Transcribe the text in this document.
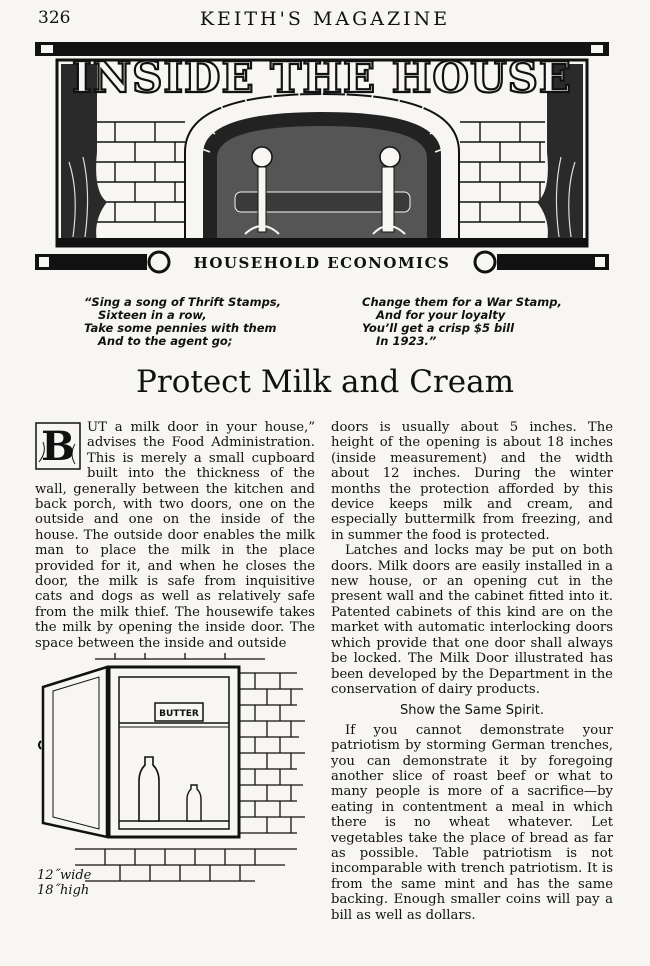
326	KEITH'S MAGAZINE
INSIDE THE HOUSE
HOUSEHOLD ECONOMICS
“Sing a song of Thrift Stamps,
Sixteen in a row,
Take some pennies with them
And to the agent go;
Change them for a War Stamp,
And for your loyalty
You’ll get a crisp $5 bill
In 1923.”
Protect Milk and Cream
B UT a milk door in your house,” advises the Food Administration. This is merely a small cupboard built into the thickness of the wall, generally between the kitchen and back porch, with two doors, one on the outside and one on the inside of the house. The outside door enables the milk man to place the milk in the place provided for it, and when he closes the door, the milk is safe from inquisitive cats and dogs as well as relatively safe from the milk thief. The housewife takes the milk by opening the inside door. The space between the inside and outside

doors is usually about 5 inches. The height of the opening is about 18 inches (inside measurement) and the width about 12 inches. During the winter months the protection afforded by this device keeps milk and cream, and especially buttermilk from freezing, and in summer the food is protected.

Latches and locks may be put on both doors. Milk doors are easily installed in a new house, or an opening cut in the present wall and the cabinet fitted into it. Patented cabinets of this kind are on the market with automatic interlocking doors which provide that one door shall always be locked. The Milk Door illustrated has been developed by the Department in the conservation of dairy products.

Show the Same Spirit.

If you cannot demonstrate your patriotism by storming German trenches, you can demonstrate it by foregoing another slice of roast beef or what to many people is more of a sacrifice—by eating in contentment a meal in which there is no wheat whatever. Let vegetables take the place of bread as far as possible. Table patriotism is not incomparable with trench patriotism. It is from the same mint and has the same backing. Enough smaller coins will pay a bill as well as dollars.

BUTTER
12˝wide
18˝high
